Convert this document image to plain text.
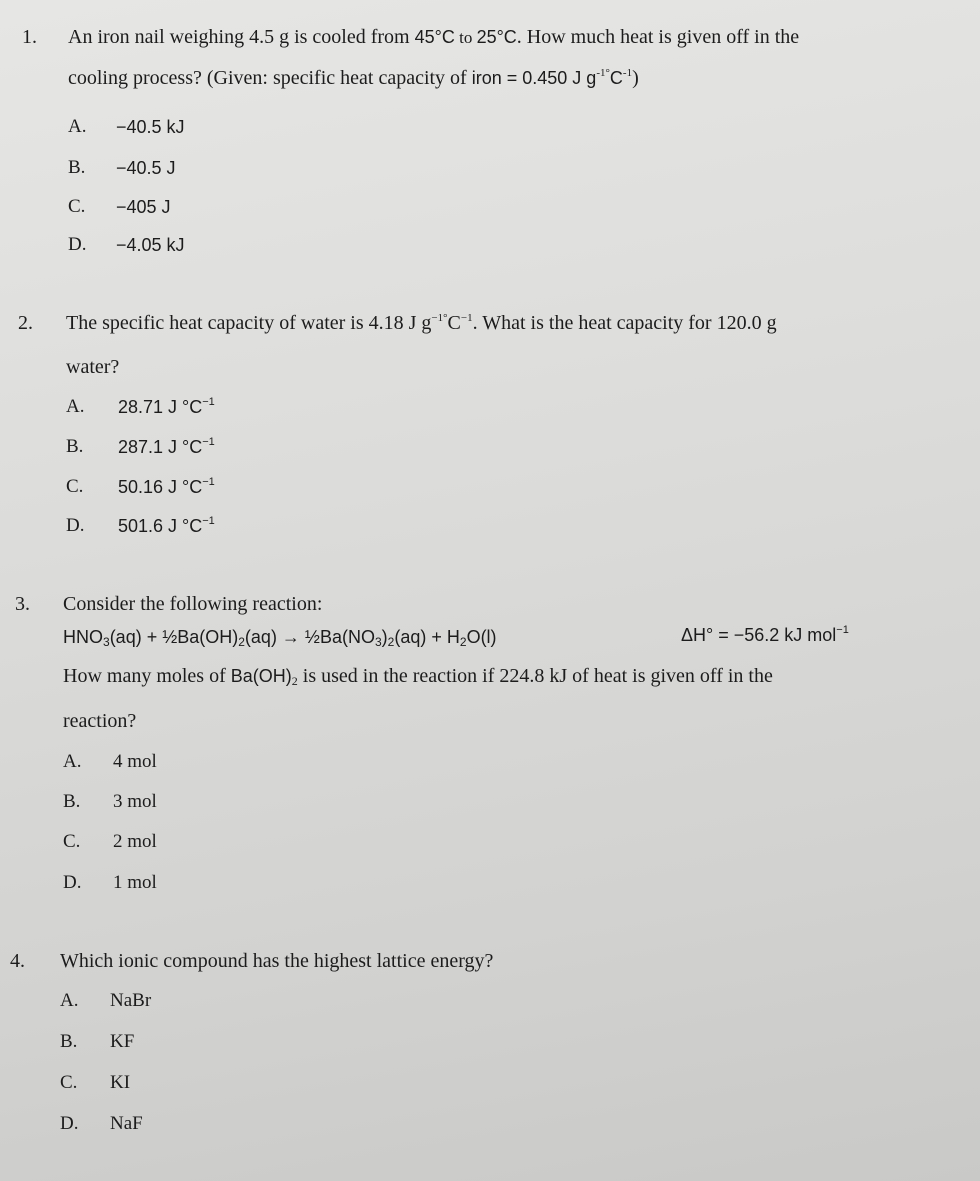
1. An iron nail weighing 4.5 g is cooled from 45°C to 25°C. How much heat is given off in the
cooling process? (Given: specific heat capacity of iron = 0.450 J $g^{-1^\circ}C^{-1}$)
A. −40.5 kJ
B. −40.5 J
C. −405 J
D. −4.05 kJ
2. The specific heat capacity of water is 4.18 J $g^{-1^\circ}C^{-1}$. What is the heat capacity for 120.0 g
water?
A. 28.71 J $^\circ C^{-1}$
B. 287.1 J $^\circ C^{-1}$
C. 50.16 J $^\circ C^{-1}$
D. 501.6 J $^\circ C^{-1}$
3. Consider the following reaction:
$HNO_3(aq)$ + $\frac{1}{2}Ba(OH)_2(aq)$ → $\frac{1}{2}Ba(NO_3)_2(aq) + H_2O(l)$	ΔH° = −56.2 kJ mol$^{-1}$
How many moles of $Ba(OH)_2$ is used in the reaction if 224.8 kJ of heat is given off in the
reaction?
A. 4 mol
B. 3 mol
C. 2 mol
D. 1 mol
4. Which ionic compound has the highest lattice energy?
A. NaBr
B. KF
C. KI
D. NaF
